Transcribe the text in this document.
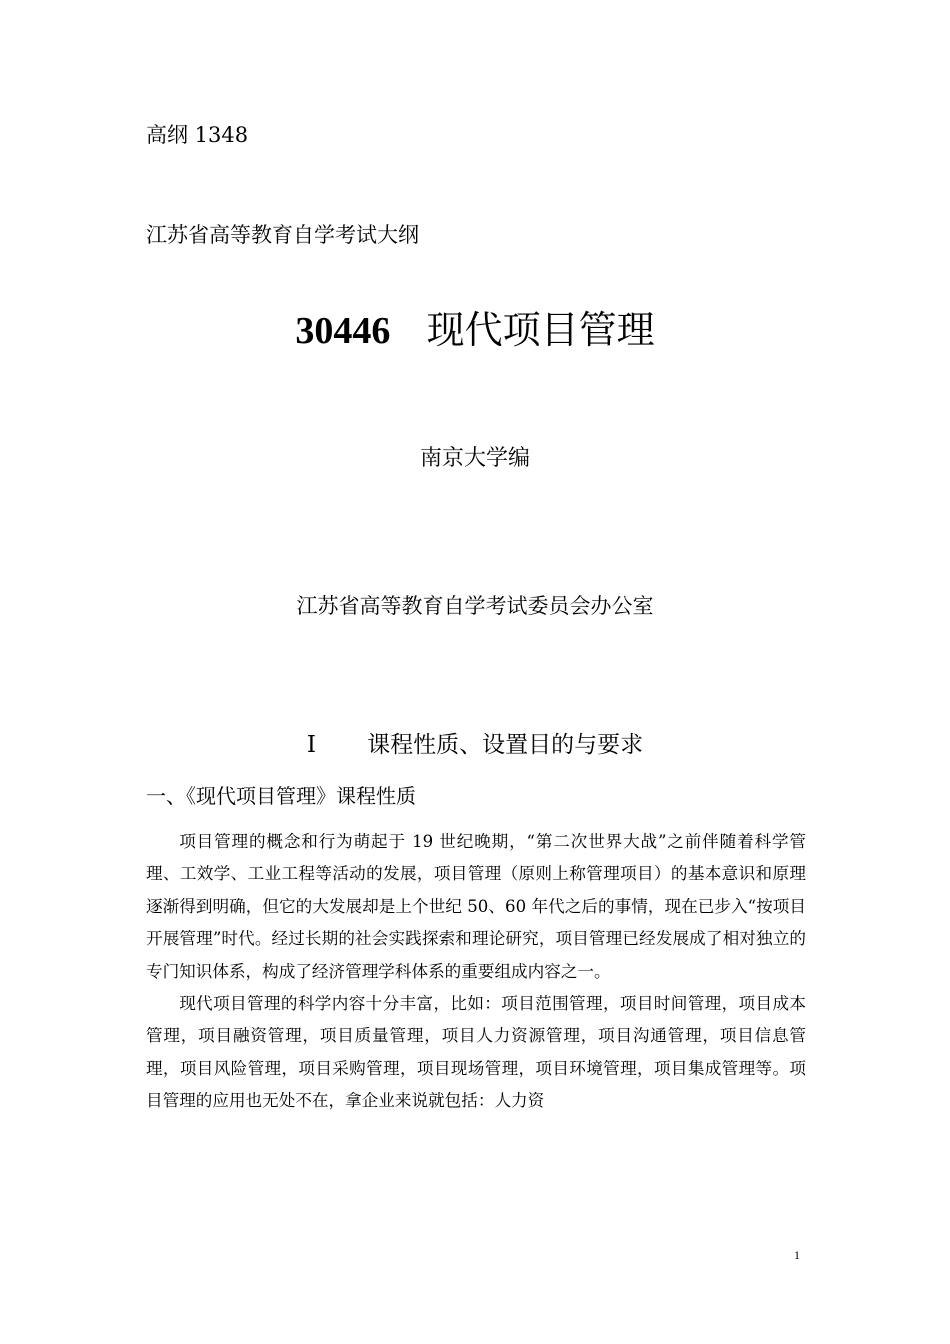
高纲 1348
江苏省高等教育自学考试大纲
30446 现代项目管理
南京大学编
江苏省高等教育自学考试委员会办公室
Ⅰ 课程性质、设置目的与要求
一、《现代项目管理》课程性质

项目管理的概念和行为萌起于 19 世纪晚期，“第二次世界大战”之前伴随着科学管理、工效学、工业工程等活动的发展，项目管理（原则上称管理项目）的基本意识和原理逐渐得到明确，但它的大发展却是上个世纪 50、60 年代之后的事情，现在已步入“按项目开展管理”时代。经过长期的社会实践探索和理论研究，项目管理已经发展成了相对独立的专门知识体系，构成了经济管理学科体系的重要组成内容之一。

现代项目管理的科学内容十分丰富，比如：项目范围管理，项目时间管理，项目成本管理，项目融资管理，项目质量管理，项目人力资源管理，项目沟通管理，项目信息管理，项目风险管理，项目采购管理，项目现场管理，项目环境管理，项目集成管理等。项目管理的应用也无处不在，拿企业来说就包括：人力资

1
